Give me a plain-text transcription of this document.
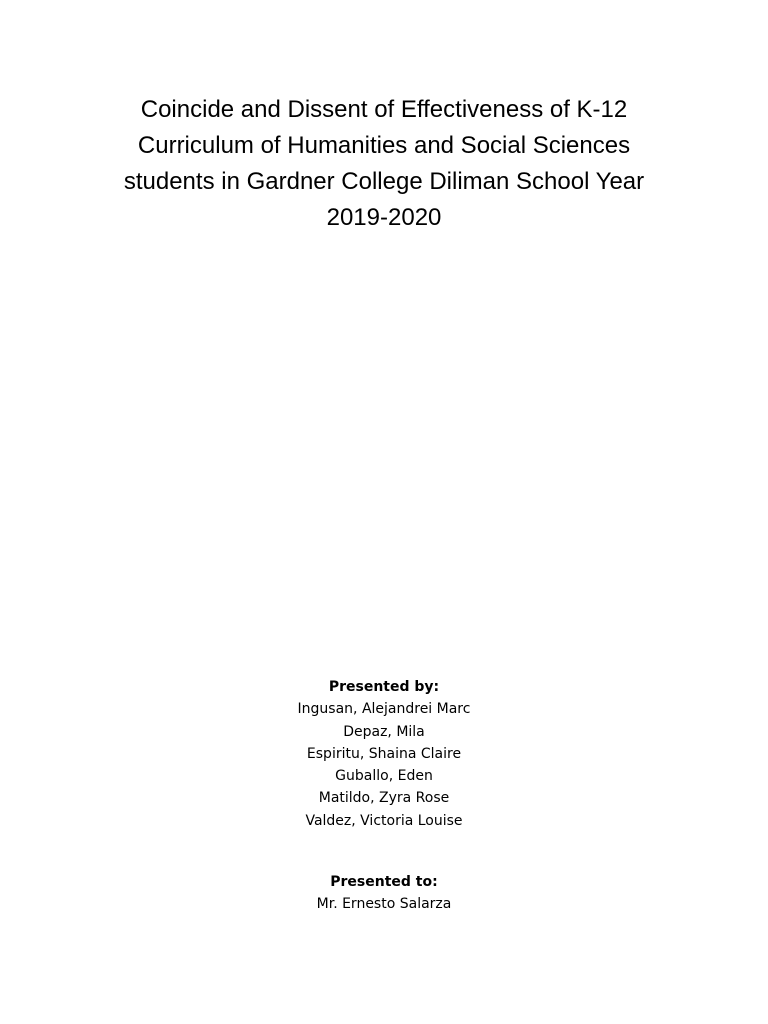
Coincide and Dissent of Effectiveness of K-12
Curriculum of Humanities and Social Sciences
students in Gardner College Diliman School Year
2019-2020
Presented by:
Ingusan, Alejandrei Marc
Depaz, Mila
Espiritu, Shaina Claire
Guballo, Eden
Matildo, Zyra Rose
Valdez, Victoria Louise
Presented to:
Mr. Ernesto Salarza
